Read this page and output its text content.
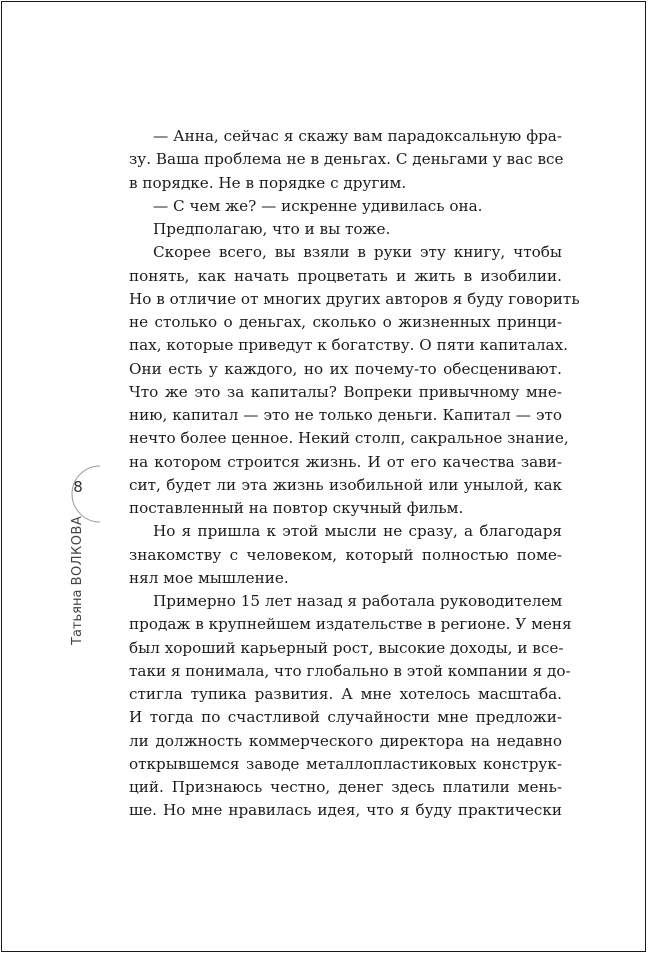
— Анна, сейчас я скажу вам парадоксальную фра-
зу. Ваша проблема не в деньгах. С деньгами у вас все
в порядке. Не в порядке с другим.
— С чем же? — искренне удивилась она.
Предполагаю, что и вы тоже.
Скорее всего, вы взяли в руки эту книгу, чтобы
понять, как начать процветать и жить в изобилии.
Но в отличие от многих других авторов я буду говорить
не столько о деньгах, сколько о жизненных принци-
пах, которые приведут к богатству. О пяти капиталах.
Они есть у каждого, но их почему-то обесценивают.
Что же это за капиталы? Вопреки привычному мне-
нию, капитал — это не только деньги. Капитал — это
нечто более ценное. Некий столп, сакральное знание,
на котором строится жизнь. И от его качества зави-
сит, будет ли эта жизнь изобильной или унылой, как
поставленный на повтор скучный фильм.
Но я пришла к этой мысли не сразу, а благодаря
знакомству с человеком, который полностью поме-
нял мое мышление.
Примерно 15 лет назад я работала руководителем
продаж в крупнейшем издательстве в регионе. У меня
был хороший карьерный рост, высокие доходы, и все-
таки я понимала, что глобально в этой компании я до-
стигла тупика развития. А мне хотелось масштаба.
И тогда по счастливой случайности мне предложи-
ли должность коммерческого директора на недавно
открывшемся заводе металлопластиковых конструк-
ций. Признаюсь честно, денег здесь платили мень-
ше. Но мне нравилась идея, что я буду практически
8
Татьяна ВОЛКОВА
